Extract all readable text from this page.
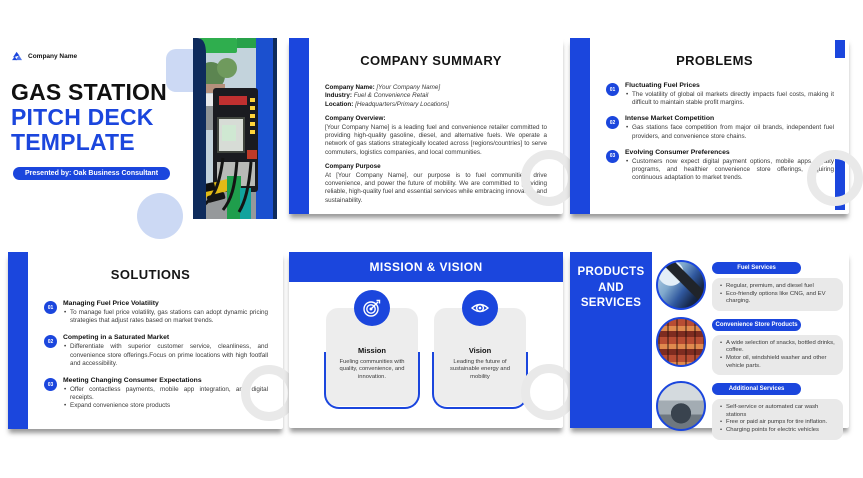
Company Name
GAS STATION
PITCH DECK
TEMPLATE
Presented by: Oak Business Consultant
COMPANY SUMMARY
Company Name: [Your Company Name]
Industry: Fuel & Convenience Retail
Location: [Headquarters/Primary Locations]
Company Overview:
[Your Company Name] is a leading fuel and convenience retailer committed to providing high-quality gasoline, diesel, and alternative fuels. We operate a network of gas stations strategically located across [regions/countries] to serve commuters, logistics companies, and local communities.
Company Purpose
At [Your Company Name], our purpose is to fuel communities, drive convenience, and power the future of mobility. We are committed to providing reliable, high-quality fuel and essential services while embracing innovation and sustainability.
PROBLEMS
01
Fluctuating Fuel Prices
• The volatility of global oil markets directly impacts fuel costs, making it difficult to maintain stable profit margins.
02
Intense Market Competition
• Gas stations face competition from major oil brands, independent fuel providers, and convenience store chains.
03
Evolving Consumer Preferences
• Customers now expect digital payment options, mobile apps, loyalty programs, and healthier convenience store offerings, requiring continuous adaptation to market trends.
SOLUTIONS
01
Managing Fuel Price Volatility
• To manage fuel price volatility, gas stations can adopt dynamic pricing strategies that adjust rates based on market trends.
02
Competing in a Saturated Market
• Differentiate with superior customer service, cleanliness, and convenience store offerings.Focus on prime locations with high footfall and accessibility.
03
Meeting Changing Consumer Expectations
• Offer contactless payments, mobile app integration, and digital receipts.
• Expand convenience store products
MISSION & VISION
Mission
Fueling communities with quality, convenience, and innovation.
Vision
Leading the future of sustainable energy and mobility
PRODUCTS
AND
SERVICES
Fuel Services
• Regular, premium, and diesel fuel
• Eco-friendly options like CNG, and EV charging.
Convenience Store Products
• A wide selection of snacks, bottled drinks, coffee.
• Motor oil, windshield washer and other vehicle parts.
Additional Services
• Self-service or automated car wash stations
• Free or paid air pumps for tire inflation.
• Charging points for electric vehicles
